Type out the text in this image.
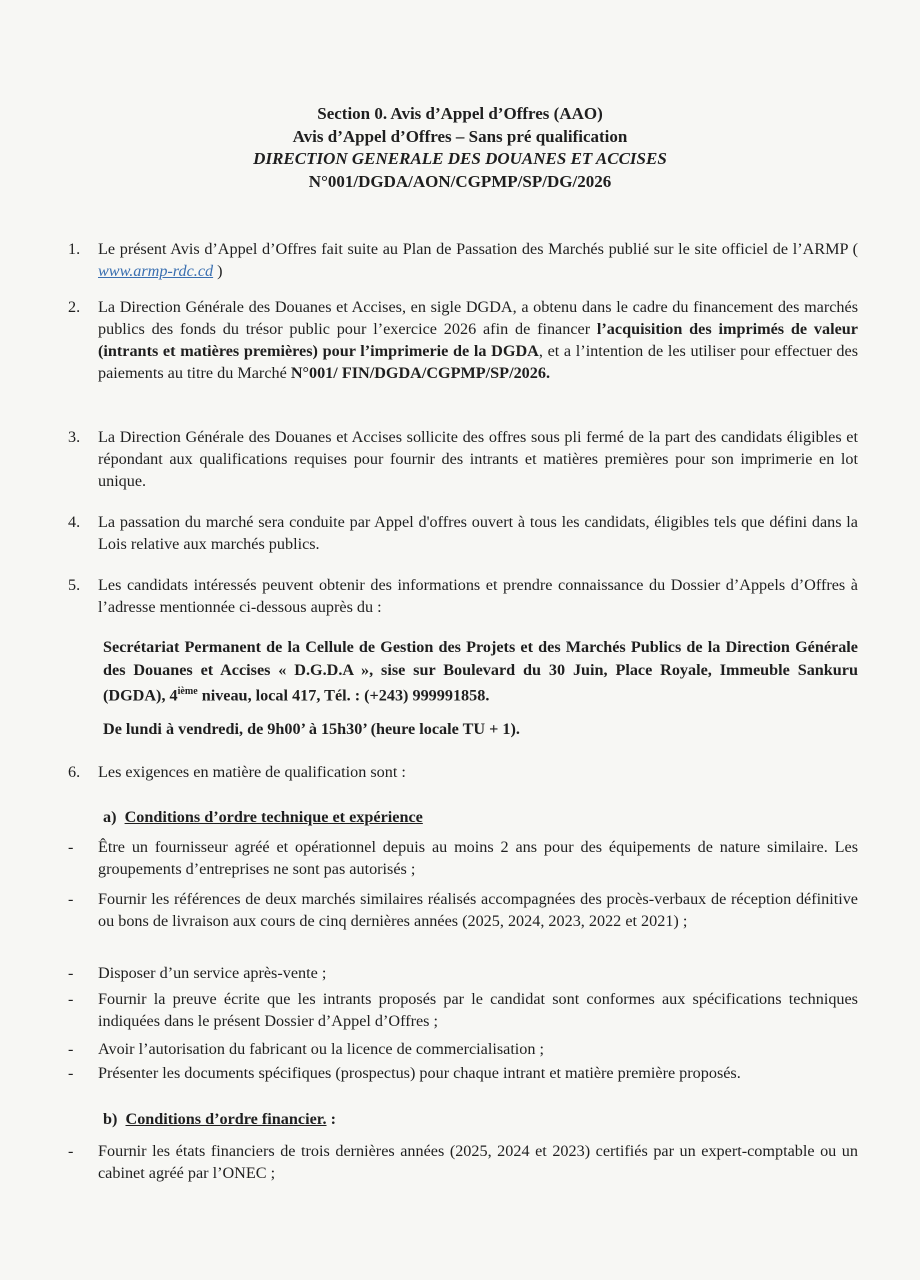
Section 0. Avis d’Appel d’Offres (AAO)
Avis d’Appel d’Offres – Sans pré qualification
DIRECTION GENERALE DES DOUANES ET ACCISES
N°001/DGDA/AON/CGPMP/SP/DG/2026
1. Le présent Avis d’Appel d’Offres fait suite au Plan de Passation des Marchés publié sur le site officiel de l’ARMP ( www.armp-rdc.cd )
2. La Direction Générale des Douanes et Accises, en sigle DGDA, a obtenu dans le cadre du financement des marchés publics des fonds du trésor public pour l’exercice 2026 afin de financer l’acquisition des imprimés de valeur (intrants et matières premières) pour l’imprimerie de la DGDA, et a l’intention de les utiliser pour effectuer des paiements au titre du Marché N°001/ FIN/DGDA/CGPMP/SP/2026.
3. La Direction Générale des Douanes et Accises sollicite des offres sous pli fermé de la part des candidats éligibles et répondant aux qualifications requises pour fournir des intrants et matières premières pour son imprimerie en lot unique.
4. La passation du marché sera conduite par Appel d'offres ouvert à tous les candidats, éligibles tels que défini dans la Lois relative aux marchés publics.
5. Les candidats intéressés peuvent obtenir des informations et prendre connaissance du Dossier d’Appels d’Offres à l’adresse mentionnée ci-dessous auprès du :
Secrétariat Permanent de la Cellule de Gestion des Projets et des Marchés Publics de la Direction Générale des Douanes et Accises « D.G.D.A », sise sur Boulevard du 30 Juin, Place Royale, Immeuble Sankuru (DGDA), 4ième niveau, local 417, Tél. : (+243) 999991858.
De lundi à vendredi, de 9h00’ à 15h30’ (heure locale TU + 1).
6. Les exigences en matière de qualification sont :
a) Conditions d’ordre technique et expérience
- Être un fournisseur agréé et opérationnel depuis au moins 2 ans pour des équipements de nature similaire. Les groupements d’entreprises ne sont pas autorisés ;
- Fournir les références de deux marchés similaires réalisés accompagnées des procès-verbaux de réception définitive ou bons de livraison aux cours de cinq dernières années (2025, 2024, 2023, 2022 et 2021) ;
- Disposer d’un service après-vente ;
- Fournir la preuve écrite que les intrants proposés par le candidat sont conformes aux spécifications techniques indiquées dans le présent Dossier d’Appel d’Offres ;
- Avoir l’autorisation du fabricant ou la licence de commercialisation ;
- Présenter les documents spécifiques (prospectus) pour chaque intrant et matière première proposés.
b) Conditions d’ordre financier. :
- Fournir les états financiers de trois dernières années (2025, 2024 et 2023) certifiés par un expert-comptable ou un cabinet agréé par l’ONEC ;
